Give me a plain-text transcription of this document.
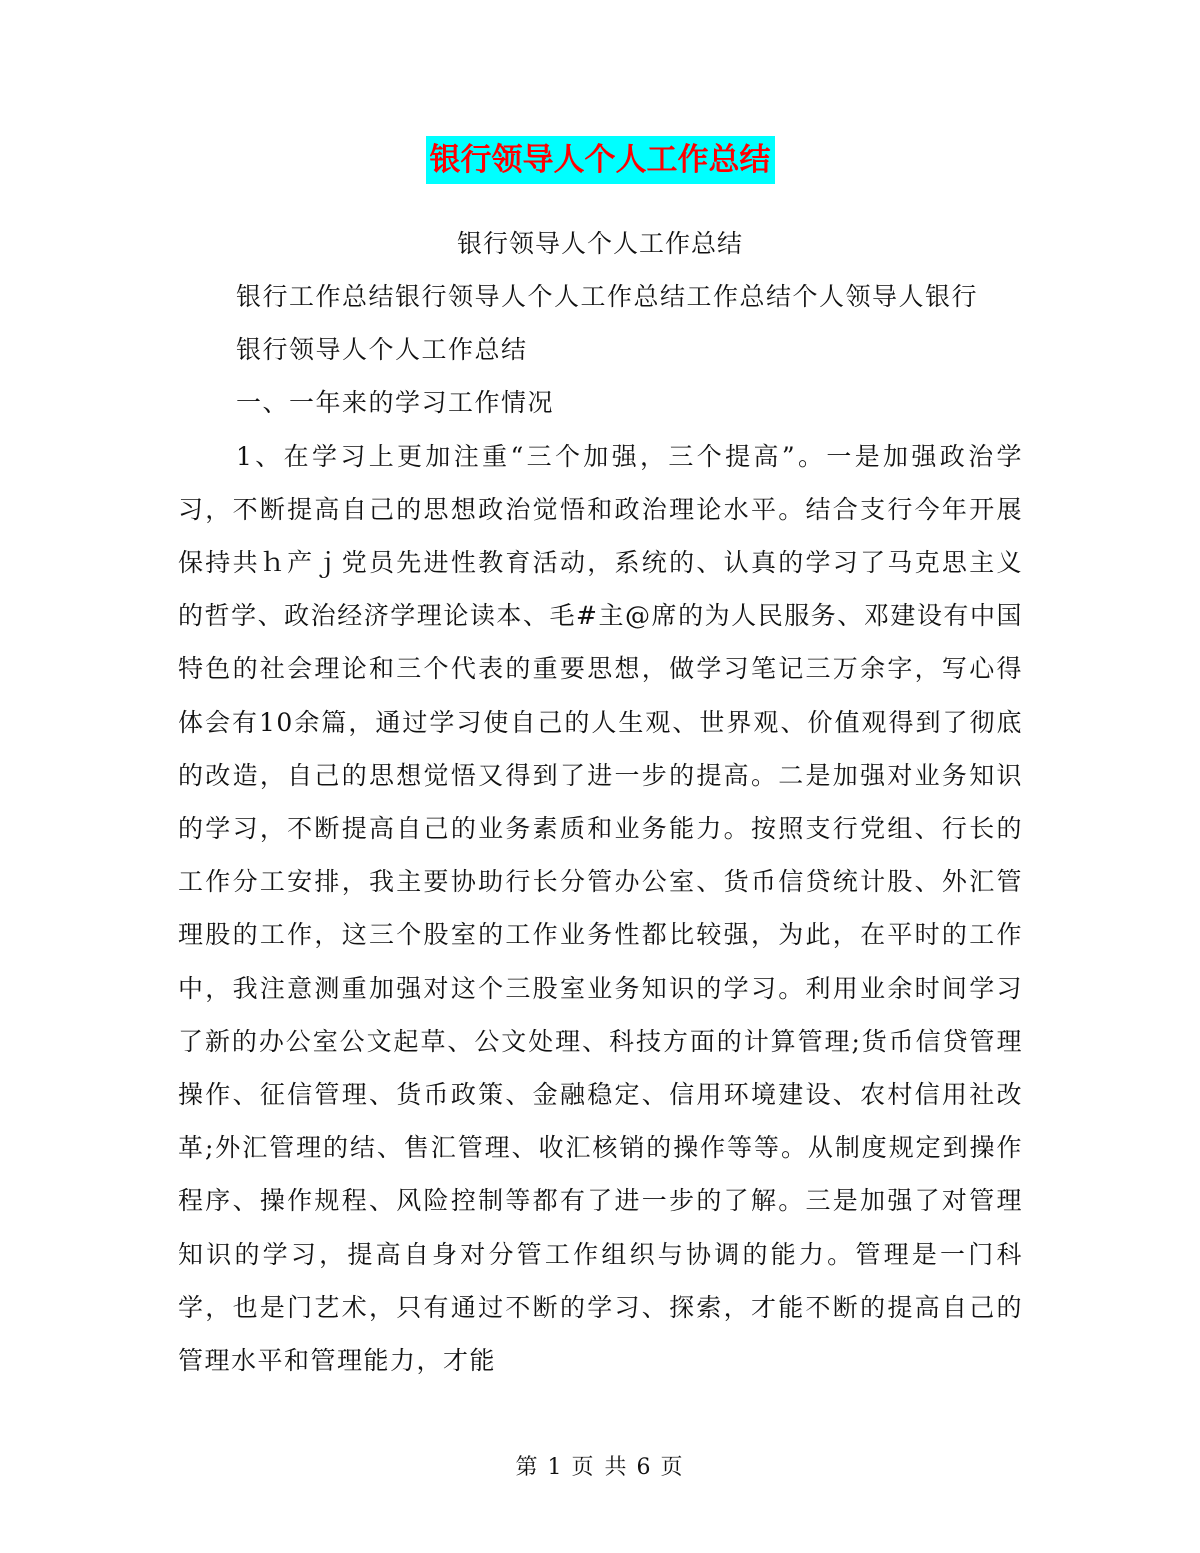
银行领导人个人工作总结
银行领导人个人工作总结

银行工作总结银行领导人个人工作总结工作总结个人领导人银行

银行领导人个人工作总结

一、一年来的学习工作情况

1、在学习上更加注重“三个加强，三个提高”。一是加强政治学习，不断提高自己的思想政治觉悟和政治理论水平。结合支行今年开展保持共ｈ产ｊ党员先进性教育活动，系统的、认真的学习了马克思主义的哲学、政治经济学理论读本、毛#主@席的为人民服务、邓建设有中国特色的社会理论和三个代表的重要思想，做学习笔记三万余字，写心得体会有10余篇，通过学习使自己的人生观、世界观、价值观得到了彻底的改造，自己的思想觉悟又得到了进一步的提高。二是加强对业务知识的学习，不断提高自己的业务素质和业务能力。按照支行党组、行长的工作分工安排，我主要协助行长分管办公室、货币信贷统计股、外汇管理股的工作，这三个股室的工作业务性都比较强，为此，在平时的工作中，我注意测重加强对这个三股室业务知识的学习。利用业余时间学习了新的办公室公文起草、公文处理、科技方面的计算管理;货币信贷管理操作、征信管理、货币政策、金融稳定、信用环境建设、农村信用社改革;外汇管理的结、售汇管理、收汇核销的操作等等。从制度规定到操作程序、操作规程、风险控制等都有了进一步的了解。三是加强了对管理知识的学习，提高自身对分管工作组织与协调的能力。管理是一门科学，也是门艺术，只有通过不断的学习、探索，才能不断的提高自己的管理水平和管理能力，才能

第 1 页 共 6 页
